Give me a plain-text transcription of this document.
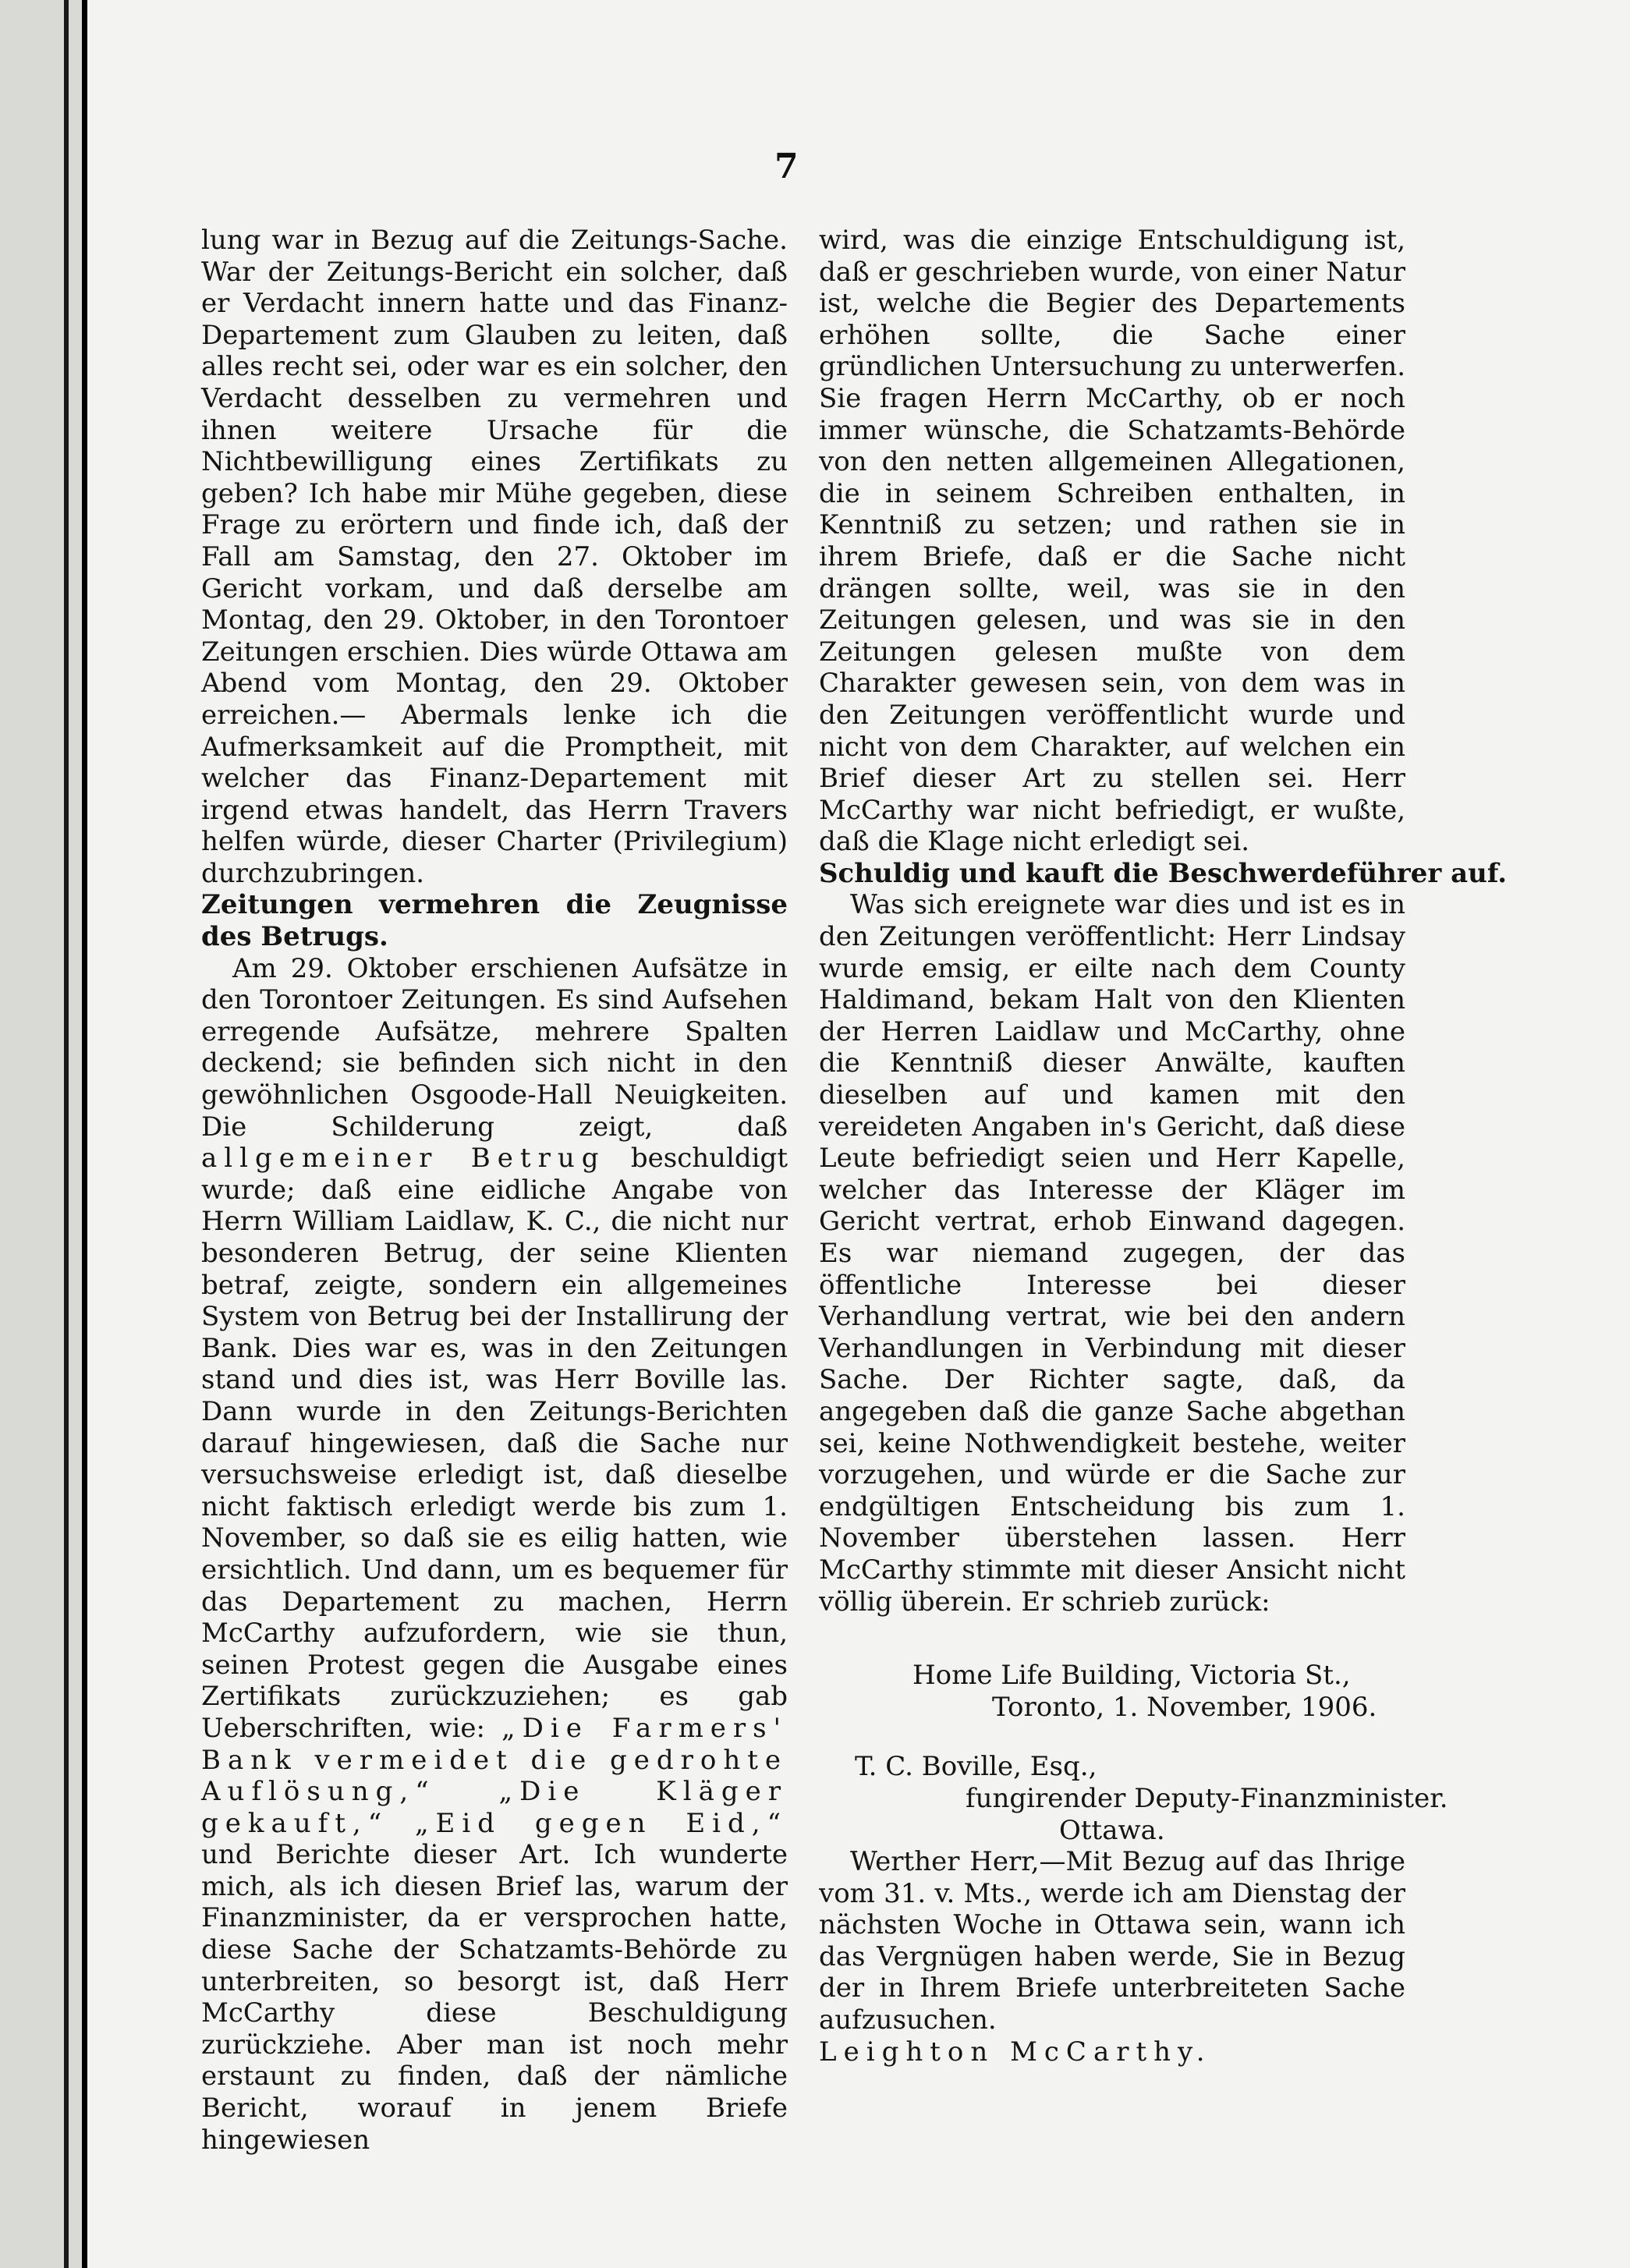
7

lung war in Bezug auf die Zeitungs-Sache. War der Zeitungs-Bericht ein solcher, daß er Verdacht innern hatte und das Finanz-Departement zum Glauben zu leiten, daß alles recht sei, oder war es ein solcher, den Verdacht desselben zu vermehren und ihnen weitere Ursache für die Nichtbewilligung eines Zertifikats zu geben? Ich habe mir Mühe gegeben, diese Frage zu erörtern und finde ich, daß der Fall am Samstag, den 27. Oktober im Gericht vorkam, und daß derselbe am Montag, den 29. Oktober, in den Torontoer Zeitungen erschien. Dies würde Ottawa am Abend vom Montag, den 29. Oktober erreichen.— Abermals lenke ich die Aufmerksamkeit auf die Promptheit, mit welcher das Finanz-Departement mit irgend etwas handelt, das Herrn Travers helfen würde, dieser Charter (Privilegium) durchzubringen.

Zeitungen vermehren die Zeugnisse des Betrugs.

Am 29. Oktober erschienen Aufsätze in den Torontoer Zeitungen. Es sind Aufsehen erregende Aufsätze, mehrere Spalten deckend; sie befinden sich nicht in den gewöhnlichen Osgoode-Hall Neuigkeiten. Die Schilderung zeigt, daß allgemeiner Betrug beschuldigt wurde; daß eine eidliche Angabe von Herrn William Laidlaw, K. C., die nicht nur besonderen Betrug, der seine Klienten betraf, zeigte, sondern ein allgemeines System von Betrug bei der Installirung der Bank. Dies war es, was in den Zeitungen stand und dies ist, was Herr Boville las. Dann wurde in den Zeitungs-Berichten darauf hingewiesen, daß die Sache nur versuchsweise erledigt ist, daß dieselbe nicht faktisch erledigt werde bis zum 1. November, so daß sie es eilig hatten, wie ersichtlich. Und dann, um es bequemer für das Departement zu machen, Herrn McCarthy aufzufordern, wie sie thun, seinen Protest gegen die Ausgabe eines Zertifikats zurückzuziehen; es gab Ueberschriften, wie: „Die Farmers' Bank vermeidet die gedrohte Auflösung,“ „Die Kläger gekauft,“ „Eid gegen Eid,“ und Berichte dieser Art. Ich wunderte mich, als ich diesen Brief las, warum der Finanzminister, da er versprochen hatte, diese Sache der Schatzamts-Behörde zu unterbreiten, so besorgt ist, daß Herr McCarthy diese Beschuldigung zurückziehe. Aber man ist noch mehr erstaunt zu finden, daß der nämliche Bericht, worauf in jenem Briefe hingewiesen

wird, was die einzige Entschuldigung ist, daß er geschrieben wurde, von einer Natur ist, welche die Begier des Departements erhöhen sollte, die Sache einer gründlichen Untersuchung zu unterwerfen. Sie fragen Herrn McCarthy, ob er noch immer wünsche, die Schatzamts-Behörde von den netten allgemeinen Allegationen, die in seinem Schreiben enthalten, in Kenntniß zu setzen; und rathen sie in ihrem Briefe, daß er die Sache nicht drängen sollte, weil, was sie in den Zeitungen gelesen, und was sie in den Zeitungen gelesen mußte von dem Charakter gewesen sein, von dem was in den Zeitungen veröffentlicht wurde und nicht von dem Charakter, auf welchen ein Brief dieser Art zu stellen sei. Herr McCarthy war nicht befriedigt, er wußte, daß die Klage nicht erledigt sei.

Schuldig und kauft die Beschwerdeführer auf.

Was sich ereignete war dies und ist es in den Zeitungen veröffentlicht: Herr Lindsay wurde emsig, er eilte nach dem County Haldimand, bekam Halt von den Klienten der Herren Laidlaw und McCarthy, ohne die Kenntniß dieser Anwälte, kauften dieselben auf und kamen mit den vereideten Angaben in's Gericht, daß diese Leute befriedigt seien und Herr Kapelle, welcher das Interesse der Kläger im Gericht vertrat, erhob Einwand dagegen. Es war niemand zugegen, der das öffentliche Interesse bei dieser Verhandlung vertrat, wie bei den andern Verhandlungen in Verbindung mit dieser Sache. Der Richter sagte, daß, da angegeben daß die ganze Sache abgethan sei, keine Nothwendigkeit bestehe, weiter vorzugehen, und würde er die Sache zur endgültigen Entscheidung bis zum 1. November überstehen lassen. Herr McCarthy stimmte mit dieser Ansicht nicht völlig überein. Er schrieb zurück:

Home Life Building, Victoria St.,
Toronto, 1. November, 1906.
T. C. Boville, Esq.,
fungirender Deputy-Finanzminister.
Ottawa.

Werther Herr,—Mit Bezug auf das Ihrige vom 31. v. Mts., werde ich am Dienstag der nächsten Woche in Ottawa sein, wann ich das Vergnügen haben werde, Sie in Bezug der in Ihrem Briefe unterbreiteten Sache aufzusuchen.

Leighton McCarthy.
